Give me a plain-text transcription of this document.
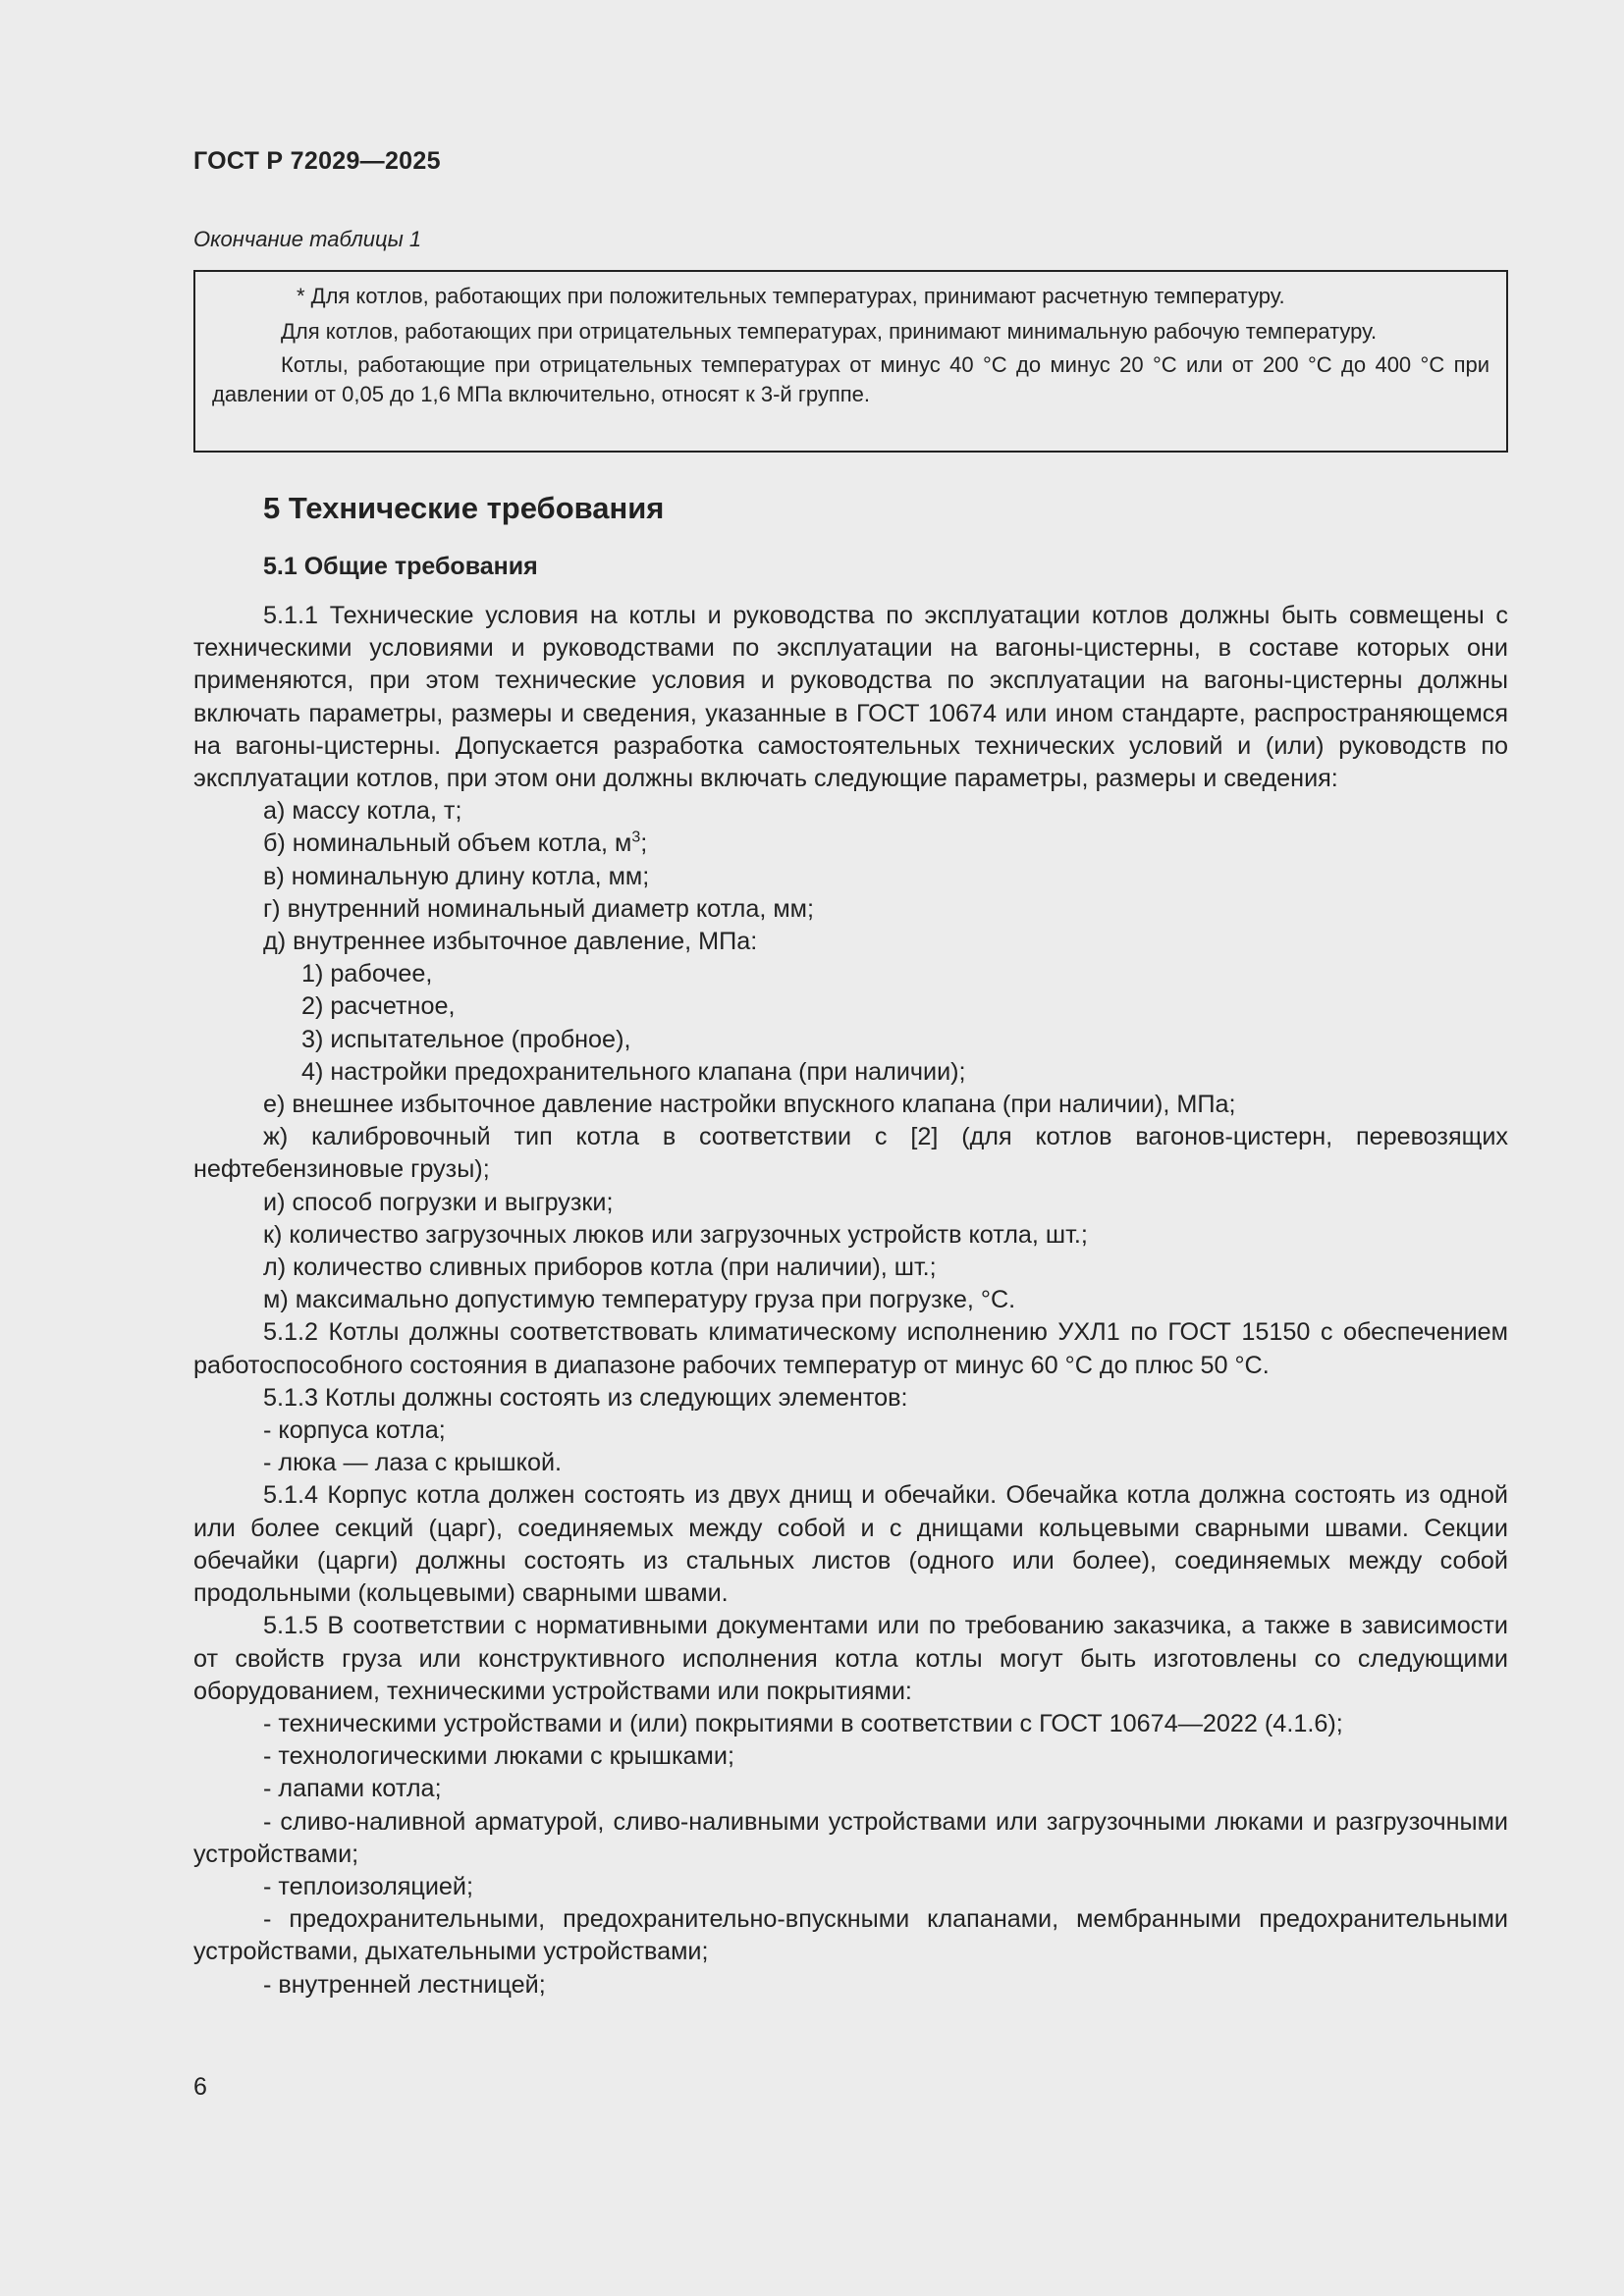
ГОСТ Р 72029—2025
Окончание таблицы 1

* Для котлов, работающих при положительных температурах, принимают расчетную температуру.

Для котлов, работающих при отрицательных температурах, принимают минимальную рабочую температуру.

Котлы, работающие при отрицательных температурах от минус 40 °С до минус 20 °С или от 200 °С до 400 °С при давлении от 0,05 до 1,6 МПа включительно, относят к 3-й группе.

5 Технические требования
5.1 Общие требования

5.1.1 Технические условия на котлы и руководства по эксплуатации котлов должны быть совмещены с техническими условиями и руководствами по эксплуатации на вагоны-цистерны, в составе которых они применяются, при этом технические условия и руководства по эксплуатации на вагоны-цистерны должны включать параметры, размеры и сведения, указанные в ГОСТ 10674 или ином стандарте, распространяющемся на вагоны-цистерны. Допускается разработка самостоятельных технических условий и (или) руководств по эксплуатации котлов, при этом они должны включать следующие параметры, размеры и сведения:

а) массу котла, т;

б) номинальный объем котла, $м^3$;

в) номинальную длину котла, мм;

г) внутренний номинальный диаметр котла, мм;

д) внутреннее избыточное давление, МПа:

1) рабочее,

2) расчетное,

3) испытательное (пробное),

4) настройки предохранительного клапана (при наличии);

е) внешнее избыточное давление настройки впускного клапана (при наличии), МПа;

ж) калибровочный тип котла в соответствии с [2] (для котлов вагонов-цистерн, перевозящих нефтебензиновые грузы);

и) способ погрузки и выгрузки;

к) количество загрузочных люков или загрузочных устройств котла, шт.;

л) количество сливных приборов котла (при наличии), шт.;

м) максимально допустимую температуру груза при погрузке, °С.

5.1.2 Котлы должны соответствовать климатическому исполнению УХЛ1 по ГОСТ 15150 с обеспечением работоспособного состояния в диапазоне рабочих температур от минус 60 °С до плюс 50 °С.

5.1.3 Котлы должны состоять из следующих элементов:

- корпуса котла;

- люка — лаза с крышкой.

5.1.4 Корпус котла должен состоять из двух днищ и обечайки. Обечайка котла должна состоять из одной или более секций (царг), соединяемых между собой и с днищами кольцевыми сварными швами. Секции обечайки (царги) должны состоять из стальных листов (одного или более), соединяемых между собой продольными (кольцевыми) сварными швами.

5.1.5 В соответствии с нормативными документами или по требованию заказчика, а также в зависимости от свойств груза или конструктивного исполнения котла котлы могут быть изготовлены со следующими оборудованием, техническими устройствами или покрытиями:

- техническими устройствами и (или) покрытиями в соответствии с ГОСТ 10674—2022 (4.1.6);

- технологическими люками с крышками;

- лапами котла;

- сливо-наливной арматурой, сливо-наливными устройствами или загрузочными люками и разгрузочными устройствами;

- теплоизоляцией;

- предохранительными, предохранительно-впускными клапанами, мембранными предохранительными устройствами, дыхательными устройствами;

- внутренней лестницей;

6
